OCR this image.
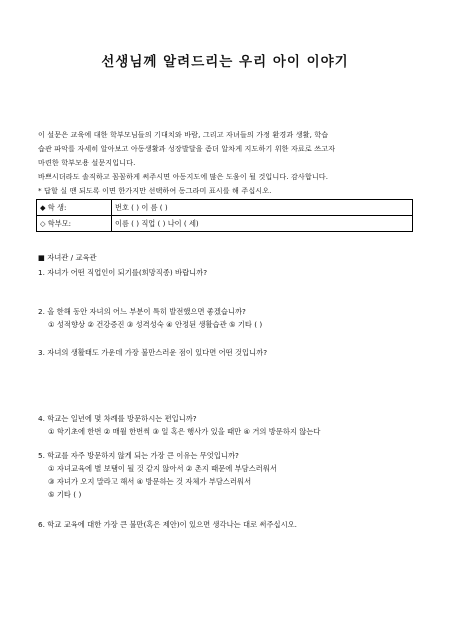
선생님께 알려드리는 우리 아이 이야기

이 설문은 교육에 대한 학부모님들의 기대치와 바람, 그리고 자녀들의 가정 환경과 생활, 학습

습관 파악를 자세히 알아보고 아동생활과 성장발달을 좀더 알차게 지도하기 위한 자료로 쓰고자

마련한 학부모용 설문지입니다.

바쁘시더라도 솔직하고 꼼꼼하게 써주시면 아동지도에 많은 도움이 될 것입니다. 감사합니다.

* 답할 실 땐 되도록 이면 한가지만 선택하여 동그라미 표시를 해 주십시오.

◆ 학 생:	번호 ( ) 이 름 ( )
◇ 학부모:	이름 ( ) 직업 ( ) 나이 ( 세)
■ 자녀관 / 교육관
1. 자녀가 어떤 직업인이 되기를(희망직종) 바랍니까?
2. 올 한해 동안 자녀의 어느 부분이 특히 발전했으면 좋겠습니까?
① 성적향상 ② 건강증진 ③ 성격성숙 ④ 안정된 생활습관 ⑤ 기타 ( )
3. 자녀의 생활태도 가운데 가장 불만스러운 점이 있다면 어떤 것입니까?
4. 학교는 일년에 몇 차례를 방문하시는 편입니까?
① 학기초에 한번 ② 매월 한번씩 ③ 일 혹은 행사가 있을 때만 ④ 거의 방문하지 않는다
5. 학교를 자주 방문하지 않게 되는 가장 큰 이유는 무엇입니까?
① 자녀교육에 별 보탬이 될 것 같지 않아서 ② 촌지 때문에 부담스러워서
③ 자녀가 오지 말라고 해서 ④ 방문하는 것 자체가 부담스러워서
⑤ 기타 ( )
6. 학교 교육에 대한 가장 큰 불만(혹은 제안)이 있으면 생각나는 대로 써주십시오.
